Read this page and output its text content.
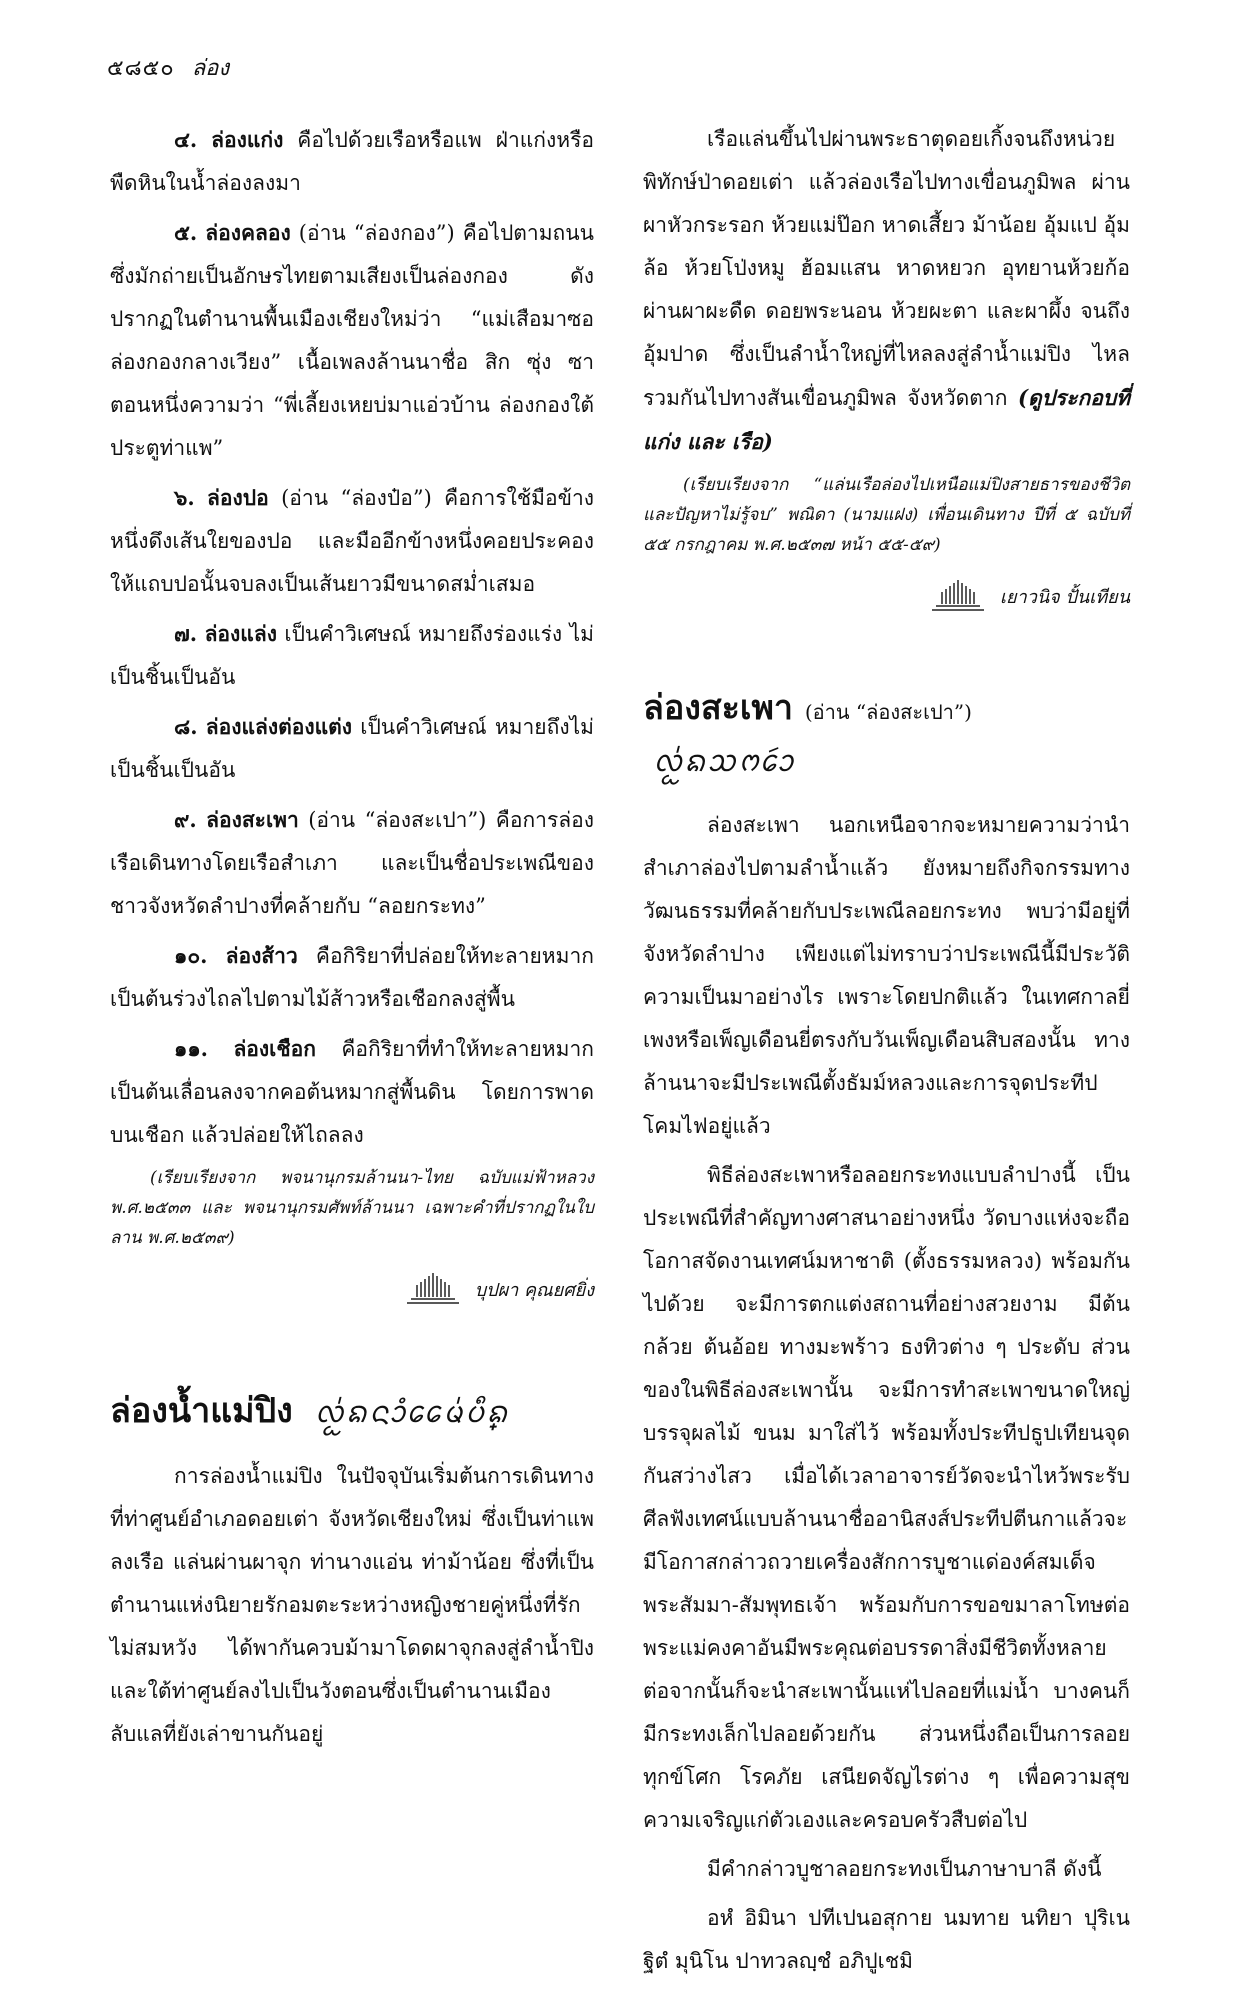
๕๘๕๐ ล่อง

๔. ล่องแก่ง คือไปด้วยเรือหรือแพ ฝ่าแก่งหรือพืดหินในน้ำล่องลงมา

๕. ล่องคลอง (อ่าน “ล่องกอง”) คือไปตามถนน ซึ่งมักถ่ายเป็นอักษรไทยตามเสียงเป็นล่องกอง ดังปรากฏในตำนานพื้นเมืองเชียงใหม่ว่า “แม่เสือมาซอล่องกองกลางเวียง” เนื้อเพลงล้านนาชื่อ สิก ซุ่ง ซา ตอนหนึ่งความว่า “พี่เลี้ยงเหยบ่มาแอ่วบ้าน ล่องกองใต้ ประตูท่าแพ”

๖. ล่องปอ (อ่าน “ล่องป๋อ”) คือการใช้มือข้างหนึ่งดึงเส้นใยของปอ และมืออีกข้างหนึ่งคอยประคองให้แถบปอนั้นจบลงเป็นเส้นยาวมีขนาดสม่ำเสมอ

๗. ล่องแล่ง เป็นคำวิเศษณ์ หมายถึงร่องแร่ง ไม่เป็นชิ้นเป็นอัน

๘. ล่องแล่งต่องแต่ง เป็นคำวิเศษณ์ หมายถึงไม่เป็นชิ้นเป็นอัน

๙. ล่องสะเพา (อ่าน “ล่องสะเปา”) คือการล่องเรือเดินทางโดยเรือสำเภา และเป็นชื่อประเพณีของชาวจังหวัดลำปางที่คล้ายกับ “ลอยกระทง”

๑๐. ล่องส้าว คือกิริยาที่ปล่อยให้ทะลายหมากเป็นต้นร่วงไถลไปตามไม้ส้าวหรือเชือกลงสู่พื้น

๑๑. ล่องเชือก คือกิริยาที่ทำให้ทะลายหมากเป็นต้นเลื่อนลงจากคอต้นหมากสู่พื้นดิน โดยการพาดบนเชือก แล้วปล่อยให้ไถลลง

(เรียบเรียงจาก พจนานุกรมล้านนา-ไทย ฉบับแม่ฟ้าหลวง พ.ศ.๒๕๓๓ และ พจนานุกรมศัพท์ล้านนา เฉพาะคำที่ปรากฏในใบลาน พ.ศ.๒๕๓๙)

บุปผา คุณยศยิ่ง
ล่องน้ำแม่ปิง ᩃ᩵ᩬᨦᨶᩣᩴᩯᨾ᩵ᨷᩥ᩠ᨦ

การล่องน้ำแม่ปิง ในปัจจุบันเริ่มต้นการเดินทางที่ท่าศูนย์อำเภอดอยเต่า จังหวัดเชียงใหม่ ซึ่งเป็นท่าแพลงเรือ แล่นผ่านผาจุก ท่านางแอ่น ท่าม้าน้อย ซึ่งที่เป็นตำนานแห่งนิยายรักอมตะระหว่างหญิงชายคู่หนึ่งที่รักไม่สมหวัง ได้พากันควบม้ามาโดดผาจุกลงสู่ลำน้ำปิง และใต้ท่าศูนย์ลงไปเป็นวังตอนซึ่งเป็นตำนานเมืองลับแลที่ยังเล่าขานกันอยู่

เรือแล่นขึ้นไปผ่านพระธาตุดอยเกิ้งจนถึงหน่วยพิทักษ์ป่าดอยเต่า แล้วล่องเรือไปทางเขื่อนภูมิพล ผ่านผาหัวกระรอก ห้วยแม่ป๊อก หาดเสี้ยว ม้าน้อย อุ้มแป อุ้มล้อ ห้วยโป่งหมู ฮ้อมแสน หาดหยวก อุทยานห้วยก้อ ผ่านผาผะดืด ดอยพระนอน ห้วยผะตา และผาผึ้ง จนถึงอุ้มปาด ซึ่งเป็นลำน้ำใหญ่ที่ไหลลงสู่ลำน้ำแม่ปิง ไหลรวมกันไปทางสันเขื่อนภูมิพล จังหวัดตาก (ดูประกอบที่ แก่ง และ เรือ)

(เรียบเรียงจาก “แล่นเรือล่องไปเหนือแม่ปิงสายธารของชีวิต และปัญหาไม่รู้จบ” พณิดา (นามแฝง) เพื่อนเดินทาง ปีที่ ๕ ฉบับที่ ๕๕ กรกฎาคม พ.ศ.๒๕๓๗ หน้า ๕๕-๕๙)

เยาวนิจ ปั้นเทียน
ล่องสะเพา (อ่าน “ล่องสะเปา”) ᩃ᩵ᩬᨦᩈᨻᩮᩢᩣ

ล่องสะเพา นอกเหนือจากจะหมายความว่านำสำเภาล่องไปตามลำน้ำแล้ว ยังหมายถึงกิจกรรมทางวัฒนธรรมที่คล้ายกับประเพณีลอยกระทง พบว่ามีอยู่ที่จังหวัดลำปาง เพียงแต่ไม่ทราบว่าประเพณีนี้มีประวัติความเป็นมาอย่างไร เพราะโดยปกติแล้ว ในเทศกาลยี่เพงหรือเพ็ญเดือนยี่ตรงกับวันเพ็ญเดือนสิบสองนั้น ทางล้านนาจะมีประเพณีตั้งธัมม์หลวงและการจุดประทีปโคมไฟอยู่แล้ว

พิธีล่องสะเพาหรือลอยกระทงแบบลำปางนี้ เป็นประเพณีที่สำคัญทางศาสนาอย่างหนึ่ง วัดบางแห่งจะถือโอกาสจัดงานเทศน์มหาชาติ (ตั้งธรรมหลวง) พร้อมกันไปด้วย จะมีการตกแต่งสถานที่อย่างสวยงาม มีต้นกล้วย ต้นอ้อย ทางมะพร้าว ธงทิวต่าง ๆ ประดับ ส่วนของในพิธีล่องสะเพานั้น จะมีการทำสะเพาขนาดใหญ่บรรจุผลไม้ ขนม มาใส่ไว้ พร้อมทั้งประทีปธูปเทียนจุดกันสว่างไสว เมื่อได้เวลาอาจารย์วัดจะนำไหว้พระรับศีลฟังเทศน์แบบล้านนาชื่ออานิสงส์ประทีปตีนกาแล้วจะมีโอกาสกล่าวถวายเครื่องสักการบูชาแด่องค์สมเด็จพระสัมมา-สัมพุทธเจ้า พร้อมกับการขอขมาลาโทษต่อพระแม่คงคาอันมีพระคุณต่อบรรดาสิ่งมีชีวิตทั้งหลาย ต่อจากนั้นก็จะนำสะเพานั้นแห่ไปลอยที่แม่น้ำ บางคนก็มีกระทงเล็กไปลอยด้วยกัน ส่วนหนึ่งถือเป็นการลอยทุกข์โศก โรคภัย เสนียดจัญไรต่าง ๆ เพื่อความสุขความเจริญแก่ตัวเองและครอบครัวสืบต่อไป

มีคำกล่าวบูชาลอยกระทงเป็นภาษาบาลี ดังนี้

อหํ อิมินา ปทีเปนอสุกาย นมทาย นทิยา ปุริเนฐิตํ มุนิโน ปาทวลญฺชํ อภิปูเชมิ
